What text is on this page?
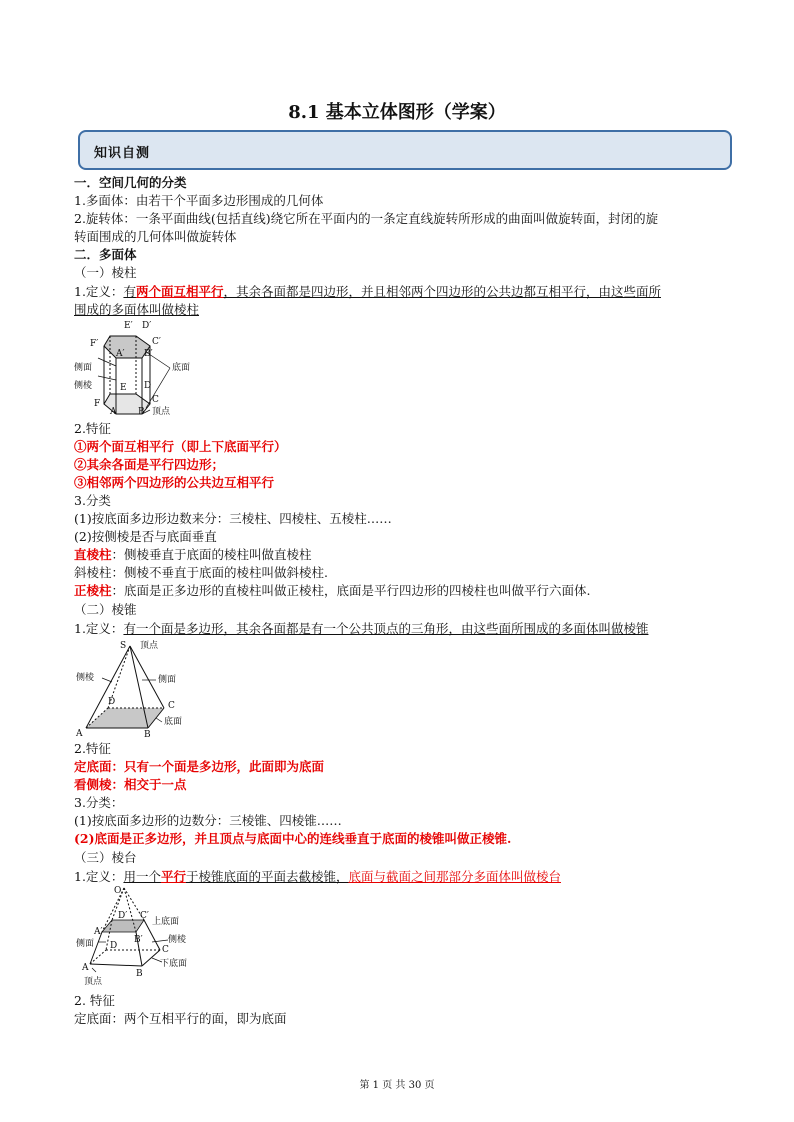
8.1 基本立体图形（学案）
知识自测
一．空间几何的分类
1.多面体：由若干个平面多边形围成的几何体
2.旋转体：一条平面曲线(包括直线)绕它所在平面内的一条定直线旋转所形成的曲面叫做旋转面，封闭的旋
转面围成的几何体叫做旋转体
二．多面体
（一）棱柱
1.定义：有两个面互相平行，其余各面都是四边形，并且相邻两个四边形的公共边都互相平行，由这些面所
围成的多面体叫做棱柱
E′ D′
F′	C′
A′ B′
侧面	底面
侧棱	E D
F	C
A B 顶点
2.特征
①两个面互相平行（即上下底面平行）
②其余各面是平行四边形；
③相邻两个四边形的公共边互相平行
3.分类
(1)按底面多边形边数来分：三棱柱、四棱柱、五棱柱……
(2)按侧棱是否与底面垂直
直棱柱：侧棱垂直于底面的棱柱叫做直棱柱
斜棱柱：侧棱不垂直于底面的棱柱叫做斜棱柱.
正棱柱：底面是正多边形的直棱柱叫做正棱柱，底面是平行四边形的四棱柱也叫做平行六面体.
（二）棱锥
1.定义：有一个面是多边形，其余各面都是有一个公共顶点的三角形，由这些面所围成的多面体叫做棱锥
S 顶点
侧棱	侧面
D	C
底面
A	B
2.特征
定底面：只有一个面是多边形，此面即为底面
看侧棱：相交于一点
3.分类：
(1)按底面多边形的边数分：三棱锥、四棱锥……
(2)底面是正多边形，并且顶点与底面中心的连线垂直于底面的棱锥叫做正棱锥.
（三）棱台
1.定义：用一个平行于棱锥底面的平面去截棱锥，底面与截面之间那部分多面体叫做棱台
O
D′ C′
上底面
A′
B′	侧棱
侧面 D	C
下底面
A
B
顶点
2. 特征
定底面：两个互相平行的面，即为底面
第 1 页 共 30 页
